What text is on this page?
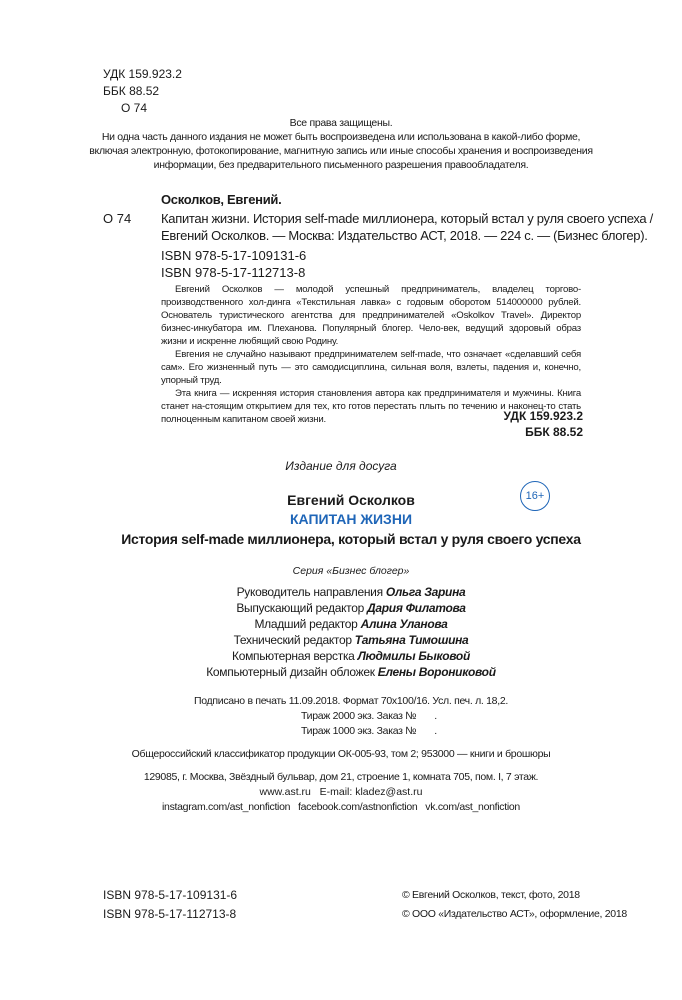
УДК 159.923.2
ББК 88.52
О 74
Все права защищены.
Ни одна часть данного издания не может быть воспроизведена или использована в какой-либо форме,
включая электронную, фотокопирование, магнитную запись или иные способы хранения и воспроизведения
информации, без предварительного письменного разрешения правообладателя.
Осколков, Евгений.
О 74 Капитан жизни. История self-made миллионера, который встал у руля своего успеха /
Евгений Осколков. — Москва: Издательство АСТ, 2018. — 224 с. — (Бизнес блогер).
ISBN 978-5-17-109131-6
ISBN 978-5-17-112713-8

Евгений Осколков — молодой успешный предприниматель, владелец торгово-производственного хол-динга «Текстильная лавка» с годовым оборотом 514000000 рублей. Основатель туристического агентства для предпринимателей «Oskolkov Travel». Директор бизнес-инкубатора им. Плеханова. Популярный блогер. Чело-век, ведущий здоровый образ жизни и искренне любящий свою Родину.

Евгения не случайно называют предпринимателем self-made, что означает «сделавший себя сам». Его жизненный путь — это самодисциплина, сильная воля, взлеты, падения и, конечно, упорный труд.

Эта книга — искренняя история становления автора как предпринимателя и мужчины. Книга станет на-стоящим открытием для тех, кто готов перестать плыть по течению и наконец-то стать полноценным капитаном своей жизни.	УДК 159.923.2
ББК 88.52
Издание для досуга
Евгений Осколков	16+
КАПИТАН ЖИЗНИ
История self-made миллионера, который встал у руля своего успеха
Серия «Бизнес блогер»
Руководитель направления Ольга Зарина
Выпускающий редактор Дария Филатова
Младший редактор Алина Уланова
Технический редактор Татьяна Тимошина
Компьютерная верстка Людмилы Быковой
Компьютерный дизайн обложек Елены Ворониковой
Подписано в печать 11.09.2018. Формат 70х100/16. Усл. печ. л. 18,2.
Тираж 2000 экз. Заказ № .
Тираж 1000 экз. Заказ № .
Общероссийский классификатор продукции ОК-005-93, том 2; 953000 — книги и брошюры
129085, г. Москва, Звёздный бульвар, дом 21, строение 1, комната 705, пом. I, 7 этаж.
www.ast.ru   E-mail: kladez@ast.ru
instagram.com/ast_nonfiction   facebook.com/astnonfiction   vk.com/ast_nonfiction
ISBN 978-5-17-109131-6
ISBN 978-5-17-112713-8
© Евгений Осколков, текст, фото, 2018
© ООО «Издательство АСТ», оформление, 2018
